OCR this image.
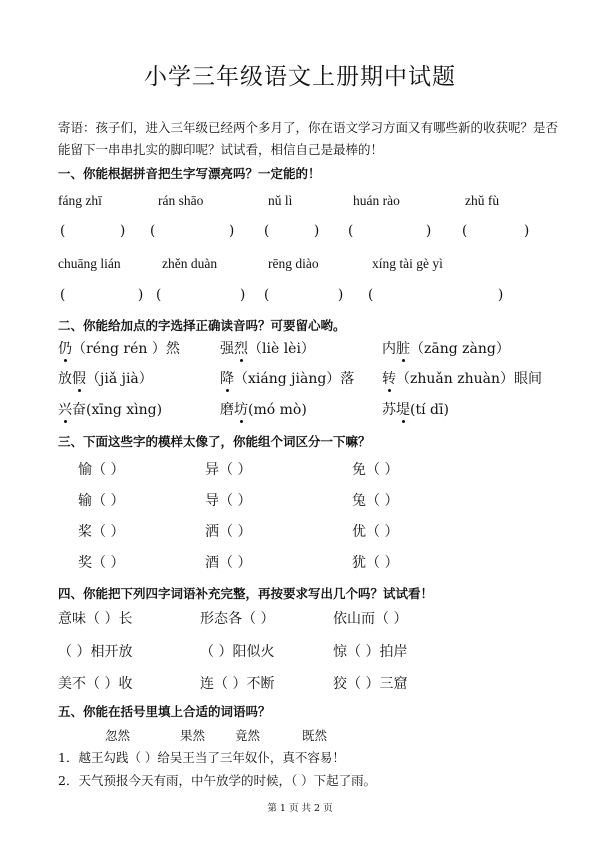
小学三年级语文上册期中试题
寄语：孩子们，进入三年级已经两个多月了，你在语文学习方面又有哪些新的收获呢？是否
能留下一串串扎实的脚印呢？试试看，相信自己是最棒的！
一、你能根据拼音把生字写漂亮吗？一定能的！
fáng zhī	rán shāo	nǔ lì	huán rào	zhǔ fù
(	) (	) (	) (	) (	)
chuāng lián	zhěn duàn	rēng diào	xíng tài gè yì
(	) (	) (	) (	)
二、你能给加点的字选择正确读音吗？可要留心哟。
仍（réng rén ）然	强烈（liè lèi）	内脏（zāng zàng）
放假（jiǎ jià）	降（xiáng jiàng）落 转（zhuǎn zhuàn）眼间
兴奋(xīng xìng)	磨坊(mó mò)	苏堤(tí dī)
三、下面这些字的模样太像了，你能组个词区分一下嘛？
愉（ ）	异（ ）	免（ ）
输（ ）	导（ ）	兔（ ）
桨（ ）	洒（ ）	优（ ）
奖（ ）	酒（ ）	犹（ ）
四、你能把下列四字词语补充完整，再按要求写出几个吗？试试看！
意味（ ）长	形态各（ ）	依山而（ ）
（ ）相开放	（ ）阳似火	惊（ ）拍岸
美不（ ）收	连（ ）不断	狡（ ）三窟
五、你能在括号里填上合适的词语吗？
忽然	果然 竟然	既然
1．越王勾践（ ）给吴王当了三年奴仆，真不容易！
2．天气预报今天有雨，中午放学的时候，（ ）下起了雨。
第 1 页 共 2 页
